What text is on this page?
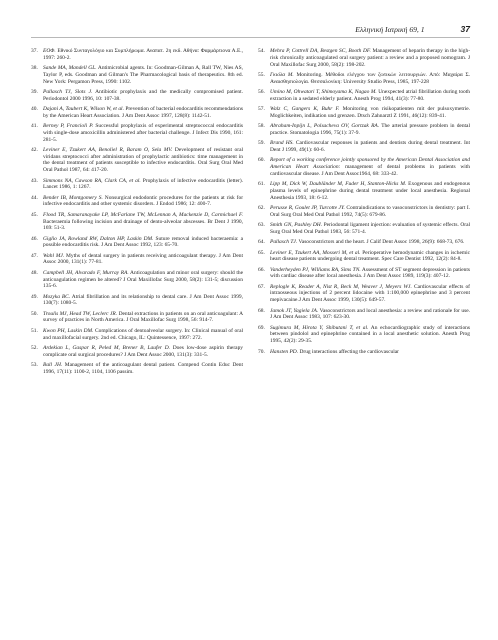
Ελληνική Ιατρική 69, 1	37
37. ΕΟΦ. Εθνικό Συνταγολόγιο και Συμπλήρωμα. Αναπατ. 2η εκδ. Αθήνα: Φαρμάρτιονα Α.Ε., 1997: 260-2.
38. Sande MA, Mandell GL. Antimicrobial agents. In: Goodman-Gilman A, Rall TW, Nies AS, Taylor P, eds. Goodman and Gilman's The Pharmacological basis of therapeutics. 8th ed. New York: Pergamon Press, 1990: 1102.
39. Pallasch TJ, Slots J. Antibiotic prophylaxis and the medically compromised patient. Periodontol 2000 1996, 10: 107-38.
40. Dajani A, Taubert K, Wilson W, et al. Prevention of bacterial endocarditis recommendations by the American Heart Association. J Am Dent Assoc 1997, 128(8): 1142-51.
41. Berney P, Francioli P. Successful prophylaxis of experimental streptococcal endocarditis with single-dose amoxicillin administered after bacterial challenge. J Infect Dis 1990, 161: 281-5.
42. Leviner E, Tzukert AA, Benoliel R, Baram O, Sela MV. Development of resistant oral viridans streptococci after administration of prophylactic antibiotics: time management in the dental treatment of patients susceptible to infective endocarditis. Oral Surg Oral Med Oral Pathol 1987, 64: 417-20.
43. Simmons NA, Cawson RA, Clark CA, et al. Prophylaxis of infective endocarditis (letter). Lancet 1986, 1: 1267.
44. Bender IB, Montgomery S. Nonsurgical endodontic procedures for the patients at risk for infective endocarditis and other systemic disorders. J Endod 1986; 12: 400-7.
45. Flood TR, Samaranayake LP, McFarlane TW, McLennan A, Mackenzie D, Carmichael F. Bacteraemia following incision and drainage of dento-alveolar abscesses. Br Dent J 1990, 169: 51-3.
46. Giglio JA, Rowland RW, Dalton HP, Laskin DM. Suture removal induced bacteraemia: a possible endocarditis risk. J Am Dent Assoc 1992, 123: 65-70.
47. Wahl MJ. Myths of dental surgery in patients receiving anticoagulant therapy. J Am Dent Assoc 2000, 131(1): 77-81.
48. Campbell JH, Alvarado F, Murray RA. Anticoagulation and minor oral surgery: should the anticoagulation regimen be altered? J Oral Maxillofac Surg 2000, 58(2): 131-5; discussion 135-6.
49. Mozyka BC. Atrial fibrillation and its relationship to dental care. J Am Dent Assoc 1999, 130(7): 1080-5.
50. Troulis MJ, Head TW, Leclerc JR. Dental extractions in patients on an oral anticoagulant: A survey of practices in North America. J Oral Maxillofac Surg 1998, 56: 914-7.
51. Kwon PH, Laskin DM. Complications of dentoalveolar surgery. In: Clinical manual of oral and maxillofacial surgery. 2nd ed. Chicago, IL: Quintessence, 1997: 272.
52. Ardekian L, Gaspar R, Peled M, Brener B, Laufer D. Does low-dose aspirin therapy complicate oral surgical procedures? J Am Dent Assoc 2000, 131(3): 331-5.
53. Ball JH. Management of the anticoagulant dental patient. Compend Contin Educ Dent 1996, 17(11): 1100-2, 1104, 1106 passim.
54. Mehra P, Cottrell DA, Bestgen SC, Booth DF. Management of heparin therapy in the high-risk chronically anticoagulated oral surgery patient: a review and a proposed nomogram. J Oral Maxillofac Surg 2000, 58(2): 198-202.
55. Γκιόλα Μ. Monitoring. Μέθοδοι ελέγχου των ζωτικών λειτουργιών. Από: Μαχαίρα Σ. Αναισθησιολογία. Θεσσαλονίκη: University Studio Press, 1985, 197-228
56. Umino M, Ohwatari T, Shimoyama K, Nagao M. Unexpected atrial fibrillation during tooth extraction in a sedated elderly patient. Anesth Prog 1994, 41(3): 77-80.
57. Walz C, Gangers K, Buhr F. Monitoring von risikopatienten mit der pulsoxymetrie. Moglichkeiten, indikation und grenzen. Dtsch Zahnarztl Z 1991, 46(12): 839-41.
58. Abraham-Inpijn L, Polsacheva OV, Gortzak RA. The arterial pressure problem in dental practice. Stomatologia 1996, 75(1): 37-9.
59. Brand HS. Cardiovascular responses in patients and dentists during dental treatment. Int Dent J 1999, 49(1): 60-6.
60. Report of a working conference jointly sponsored by the American Dental Association and American Heart Association: management of dental problems in patients with cardiovascular disease. J Am Dent Assoc1964, 68: 333-42.
61. Lipp M, Dick W, Daubländer M, Fuder H, Stanton-Hicks M. Exogenous and endogenous plasma levels of epinephrine during dental treatment under local anesthesia. Regional Anesthesia 1993, 18: 6-12.
62. Perusse R, Goulet JP, Turcotte JY. Contraindications to vasoconstrictors in dentistry: part I. Oral Surg Oral Med Oral Pathol 1992, 74(5): 679-86.
63. Smith GN, Pashley DH. Periodontal ligament injection: evaluation of systemic effects. Oral Surg Oral Med Oral Pathol 1983, 56: 571-4.
64. Pallasch TJ. Vasoconstrictors and the heart. J Calif Dent Assoc 1998, 26(9): 668-73, 676.
65. Leviner E, Tzukert AA, Mosseri M, et al. Perioperative hemodynamic changes in ischemic heart disease patients undergoing dental treatment. Spec Care Dentist 1992, 12(2): 84-8.
66. Vanderheyden PJ, Williams RA, Sims TN. Assessment of ST segment depression in patients with cardiac disease after local anesthesia. J Am Dent Assoc 1989, 119(3): 407-12.
67. Replogle K, Reader A, Nist R, Beck M, Weaver J, Meyers WJ. Cardiovascular effects of intraosseous injections of 2 percent lidocaine with 1:100,000 epinephrine and 3 percent mepivacaine.J Am Dent Assoc 1999, 130(5): 649-57.
68. Jamok JT, Yagiela JA. Vasoconstrictors and local anesthesia: a review and rationale for use. J Am Dent Assoc 1983, 107: 623-30.
69. Sugimura M, Hirota Y, Shibutani T, et al. An echocardiographic study of interactions between pindolol and epinephrine contained in a local anesthetic solution. Anesth Prog 1995, 42(2): 29-35.
70. Hansten PD. Drug interactions affecting the cardiovascular
